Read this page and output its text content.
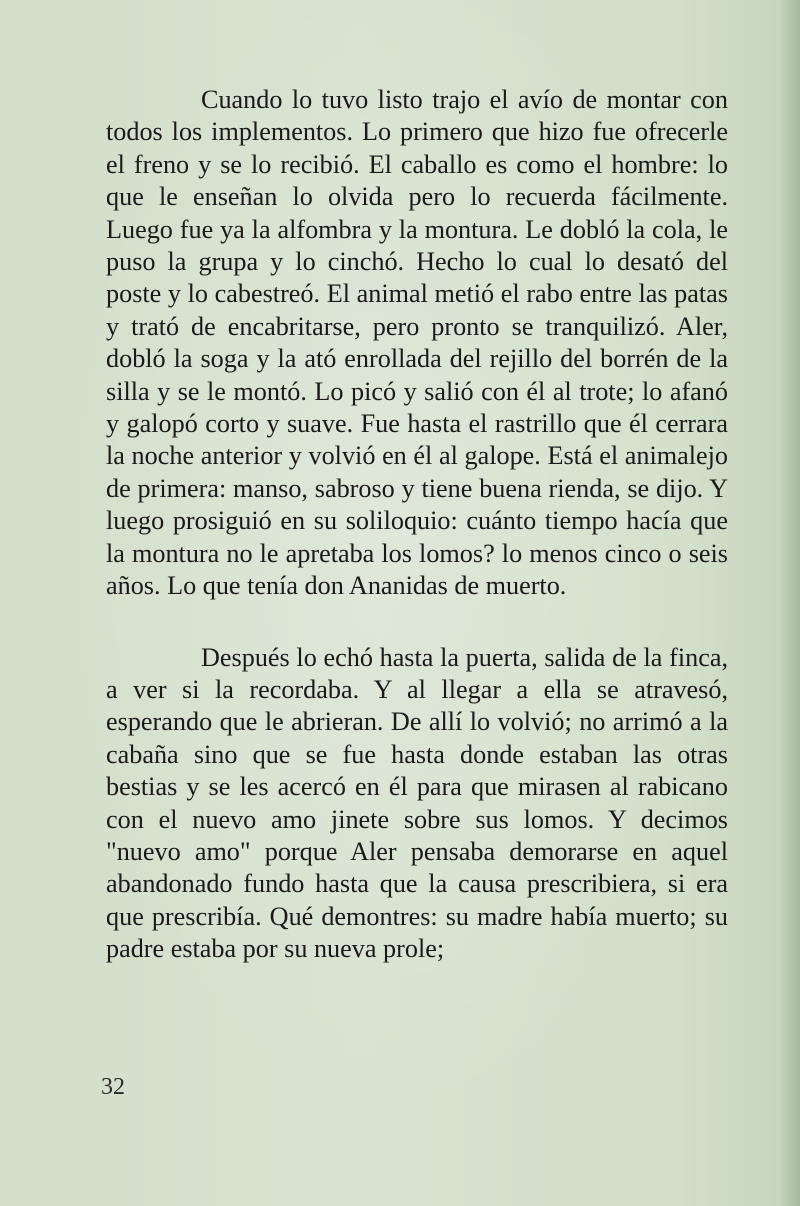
Cuando lo tuvo listo trajo el avío de montar con todos los implementos. Lo primero que hizo fue ofrecerle el freno y se lo recibió. El caballo es como el hombre: lo que le enseñan lo olvida pero lo recuerda fácilmente. Luego fue ya la alfombra y la montura. Le dobló la cola, le puso la grupa y lo cinchó. Hecho lo cual lo desató del poste y lo cabestreó. El animal metió el rabo entre las patas y trató de encabritarse, pero pronto se tranquilizó. Aler, dobló la soga y la ató enrollada del rejillo del borrén de la silla y se le montó. Lo picó y salió con él al trote; lo afanó y galopó corto y suave. Fue hasta el rastrillo que él cerrara la noche anterior y volvió en él al galope. Está el animalejo de primera: manso, sabroso y tiene buena rienda, se dijo. Y luego prosiguió en su soliloquio: cuánto tiempo hacía que la montura no le apretaba los lomos? lo menos cinco o seis años. Lo que tenía don Ananidas de muerto.

Después lo echó hasta la puerta, salida de la finca, a ver si la recordaba. Y al llegar a ella se atravesó, esperando que le abrieran. De allí lo volvió; no arrimó a la cabaña sino que se fue hasta donde estaban las otras bestias y se les acercó en él para que mirasen al rabicano con el nuevo amo jinete sobre sus lomos. Y decimos "nuevo amo" porque Aler pensaba demorarse en aquel abandonado fundo hasta que la causa prescribiera, si era que prescribía. Qué demontres: su madre había muerto; su padre estaba por su nueva prole;

32
